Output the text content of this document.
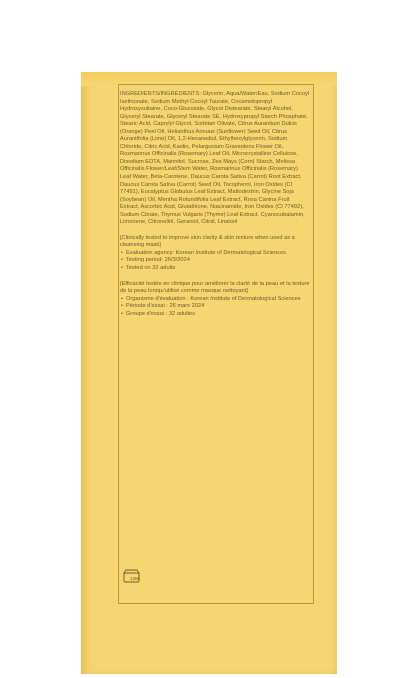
INGREDIENTS/INGRÉDIENTS: Glycerin, Aqua/Water/Eau, Sodium Cocoyl Isethionate, Sodium Methyl Cocoyl Taurate, Cocamidopropyl Hydroxysultaine, Coco-Glucoside, Glycol Distearate, Stearyl Alcohol, Glyceryl Stearate, Glyceryl Stearate SE, Hydroxypropyl Starch Phosphate, Stearic Acid, Caprylyl Glycol, Sorbitan Olivate, Citrus Aurantium Dulcis (Orange) Peel Oil, Helianthus Annuus (Sunflower) Seed Oil, Citrus Aurantifolia (Lime) Oil, 1,2-Hexanediol, Ethylhexylglycerin, Sodium Chloride, Citric Acid, Kaolin, Pelargonium Graveolens Flower Oil, Rosmarinus Officinalis (Rosemary) Leaf Oil, Microcrystalline Cellulose, Disodium EDTA, Mannitol, Sucrose, Zea Mays (Corn) Starch, Melissa Officinalis Flower/Leaf/Stem Water, Rosmarinus Officinalis (Rosemary) Leaf Water, Beta-Carotene, Daucus Carota Sativa (Carrot) Root Extract, Daucus Carota Sativa (Carrot) Seed Oil, Tocopherol, Iron Oxides (CI 77491), Eucalyptus Globulus Leaf Extract, Maltodextrin, Glycine Soja (Soybean) Oil, Mentha Rotundifolia Leaf Extract, Rosa Canina Fruit Extract, Ascorbic Acid, Glutathione, Niacinamide, Iron Oxides (CI 77492), Sodium Citrate, Thymus Vulgaris (Thyme) Leaf Extract, Cyanocobalamin, Limonene, Citronellol, Geraniol, Citral, Linalool

[Clinically tested to improve skin clarity & skin texture when used as a cleansing mask]

• Evaluation agency: Korean Institute of Dermatological Sciences
• Testing period: 26/3/2024
• Tested on 32 adults

[Efficacité testée en clinique pour améliorer la clarté de la peau et la texture de la peau lorsqu'utilisé comme masque nettoyant]

• Organisme d'évaluation : Korean Institute of Dermatological Sciences
• Période d'essai : 26 mars 2024
• Groupe d'essai : 32 adultes
12M
